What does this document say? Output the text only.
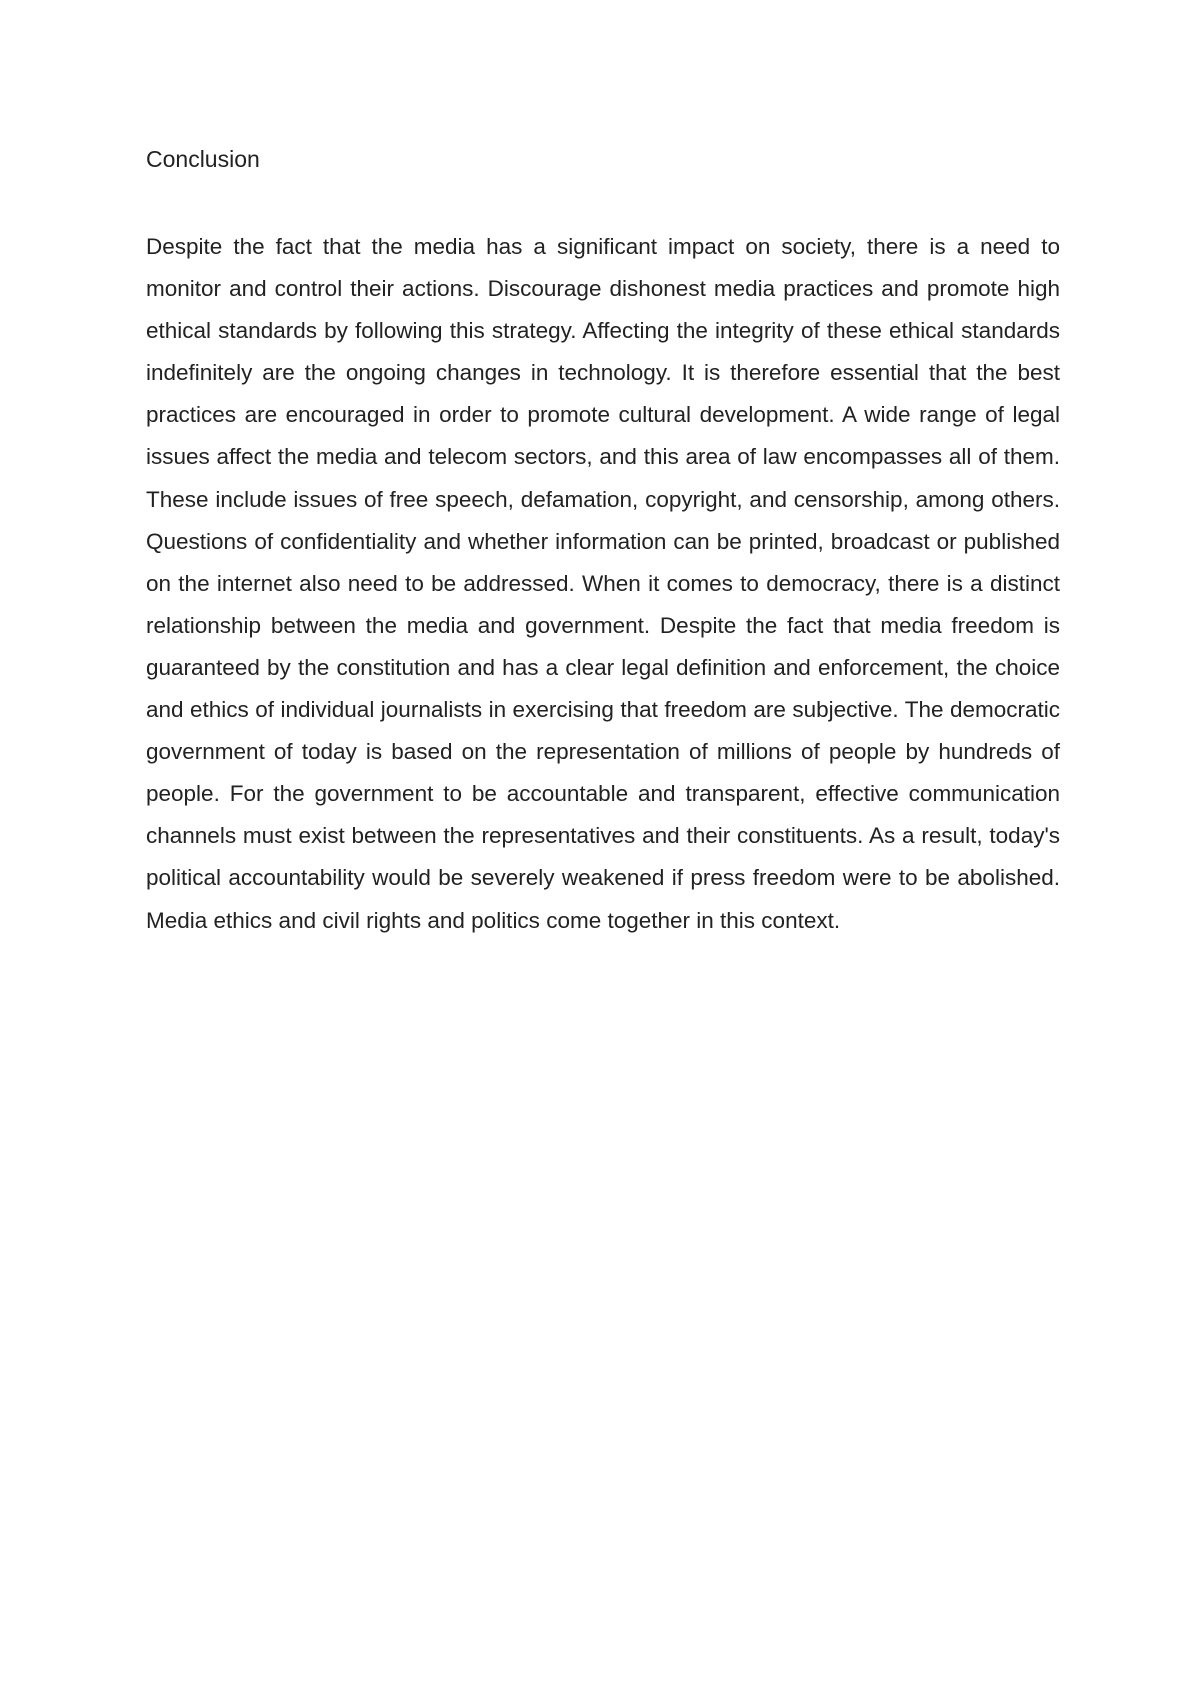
Conclusion

Despite the fact that the media has a significant impact on society, there is a need to monitor and control their actions. Discourage dishonest media practices and promote high ethical standards by following this strategy. Affecting the integrity of these ethical standards indefinitely are the ongoing changes in technology. It is therefore essential that the best practices are encouraged in order to promote cultural development. A wide range of legal issues affect the media and telecom sectors, and this area of law encompasses all of them. These include issues of free speech, defamation, copyright, and censorship, among others. Questions of confidentiality and whether information can be printed, broadcast or published on the internet also need to be addressed. When it comes to democracy, there is a distinct relationship between the media and government. Despite the fact that media freedom is guaranteed by the constitution and has a clear legal definition and enforcement, the choice and ethics of individual journalists in exercising that freedom are subjective. The democratic government of today is based on the representation of millions of people by hundreds of people. For the government to be accountable and transparent, effective communication channels must exist between the representatives and their constituents. As a result, today's political accountability would be severely weakened if press freedom were to be abolished. Media ethics and civil rights and politics come together in this context.
